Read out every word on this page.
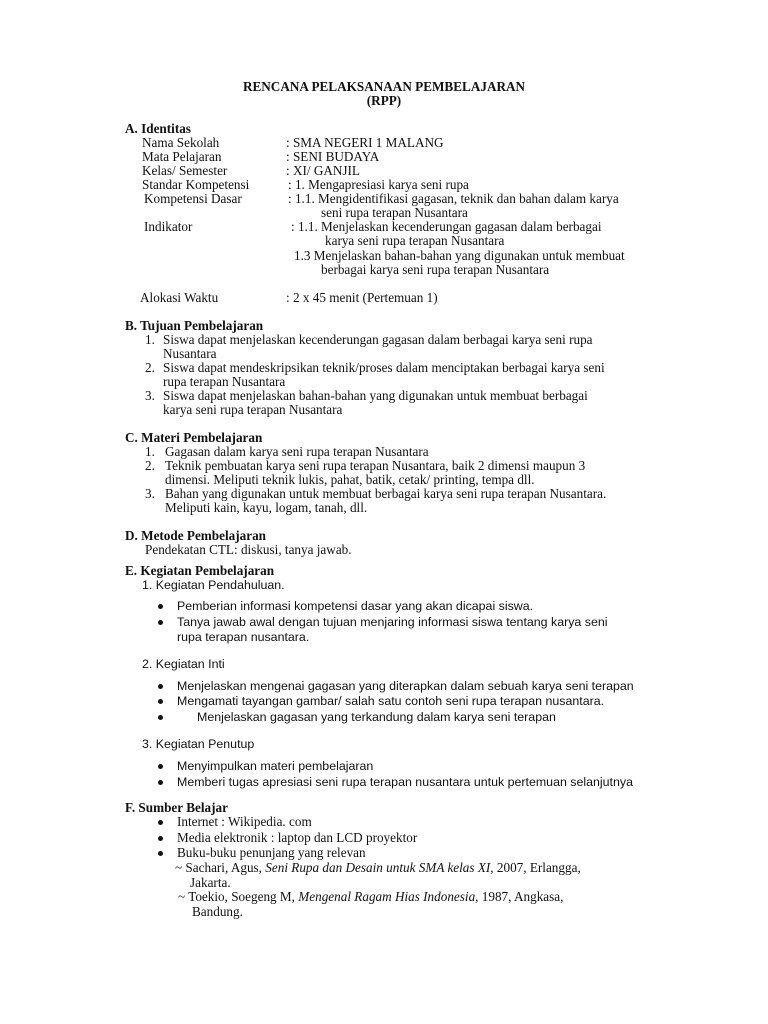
RENCANA PELAKSANAAN PEMBELAJARAN
(RPP)
A. Identitas
Nama Sekolah	: SMA NEGERI 1 MALANG
Mata Pelajaran	: SENI BUDAYA
Kelas/ Semester	: XI/ GANJIL
Standar Kompetensi	: 1. Mengapresiasi karya seni rupa
Kompetensi Dasar	: 1.1. Mengidentifikasi gagasan, teknik dan bahan dalam karya
seni rupa terapan Nusantara
Indikator	: 1.1. Menjelaskan kecenderungan gagasan dalam berbagai
karya seni rupa terapan Nusantara
1.3 Menjelaskan bahan-bahan yang digunakan untuk membuat
berbagai karya seni rupa terapan Nusantara
Alokasi Waktu	: 2 x 45 menit (Pertemuan 1)
B. Tujuan Pembelajaran
1. Siswa dapat menjelaskan kecenderungan gagasan dalam berbagai karya seni rupa
Nusantara
2. Siswa dapat mendeskripsikan teknik/proses dalam menciptakan berbagai karya seni
rupa terapan Nusantara
3. Siswa dapat menjelaskan bahan-bahan yang digunakan untuk membuat berbagai
karya seni rupa terapan Nusantara
C. Materi Pembelajaran
1. Gagasan dalam karya seni rupa terapan Nusantara
2. Teknik pembuatan karya seni rupa terapan Nusantara, baik 2 dimensi maupun 3
dimensi. Meliputi teknik lukis, pahat, batik, cetak/ printing, tempa dll.
3. Bahan yang digunakan untuk membuat berbagai karya seni rupa terapan Nusantara.
Meliputi kain, kayu, logam, tanah, dll.
D. Metode Pembelajaran
Pendekatan CTL: diskusi, tanya jawab.
E. Kegiatan Pembelajaran
1. Kegiatan Pendahuluan.
Pemberian informasi kompetensi dasar yang akan dicapai siswa.
Tanya jawab awal dengan tujuan menjaring informasi siswa tentang karya seni
rupa terapan nusantara.
2. Kegiatan Inti
Menjelaskan mengenai gagasan yang diterapkan dalam sebuah karya seni terapan
Mengamati tayangan gambar/ salah satu contoh seni rupa terapan nusantara.
Menjelaskan gagasan yang terkandung dalam karya seni terapan
3. Kegiatan Penutup
Menyimpulkan materi pembelajaran
Memberi tugas apresiasi seni rupa terapan nusantara untuk pertemuan selanjutnya
F. Sumber Belajar
Internet : Wikipedia. com
Media elektronik : laptop dan LCD proyektor
Buku-buku penunjang yang relevan
~ Sachari, Agus, Seni Rupa dan Desain untuk SMA kelas XI, 2007, Erlangga,
Jakarta.
~ Toekio, Soegeng M, Mengenal Ragam Hias Indonesia, 1987, Angkasa,
Bandung.
